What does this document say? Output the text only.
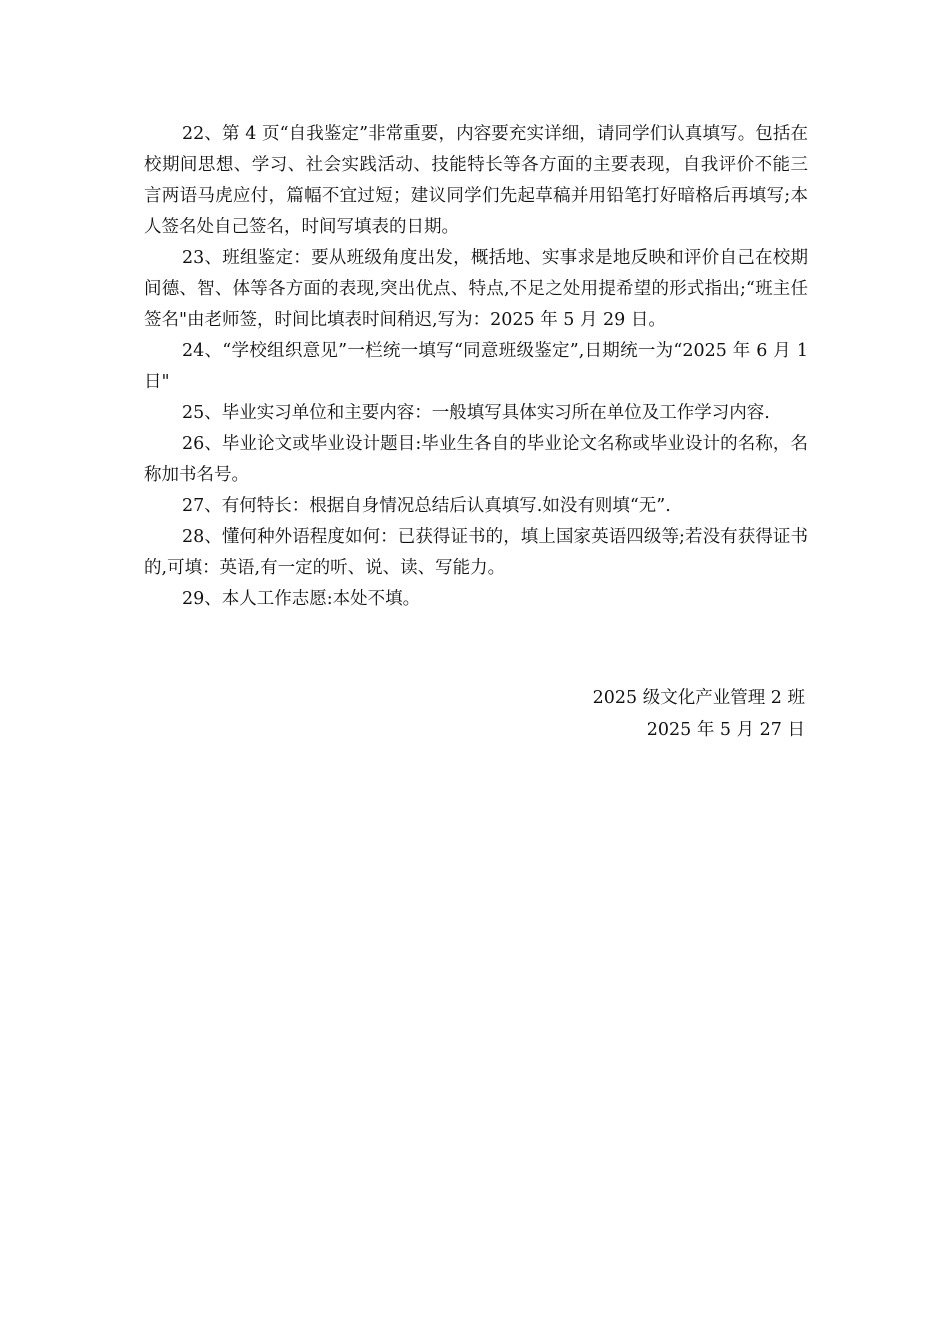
22、第 4 页“自我鉴定”非常重要，内容要充实详细，请同学们认真填写。包括在校期间思想、学习、社会实践活动、技能特长等各方面的主要表现，自我评价不能三言两语马虎应付，篇幅不宜过短；建议同学们先起草稿并用铅笔打好暗格后再填写;本人签名处自己签名，时间写填表的日期。

23、班组鉴定：要从班级角度出发，概括地、实事求是地反映和评价自己在校期间德、智、体等各方面的表现,突出优点、特点,不足之处用提希望的形式指出;“班主任签名"由老师签，时间比填表时间稍迟,写为：2025 年 5 月 29 日。

24、“学校组织意见”一栏统一填写“同意班级鉴定”,日期统一为“2025 年 6 月 1 日"

25、毕业实习单位和主要内容：一般填写具体实习所在单位及工作学习内容.

26、毕业论文或毕业设计题目:毕业生各自的毕业论文名称或毕业设计的名称，名称加书名号。

27、有何特长：根据自身情况总结后认真填写.如没有则填“无”.

28、懂何种外语程度如何：已获得证书的，填上国家英语四级等;若没有获得证书的,可填：英语,有一定的听、说、读、写能力。

29、本人工作志愿:本处不填。

2025 级文化产业管理 2 班
2025 年 5 月 27 日
